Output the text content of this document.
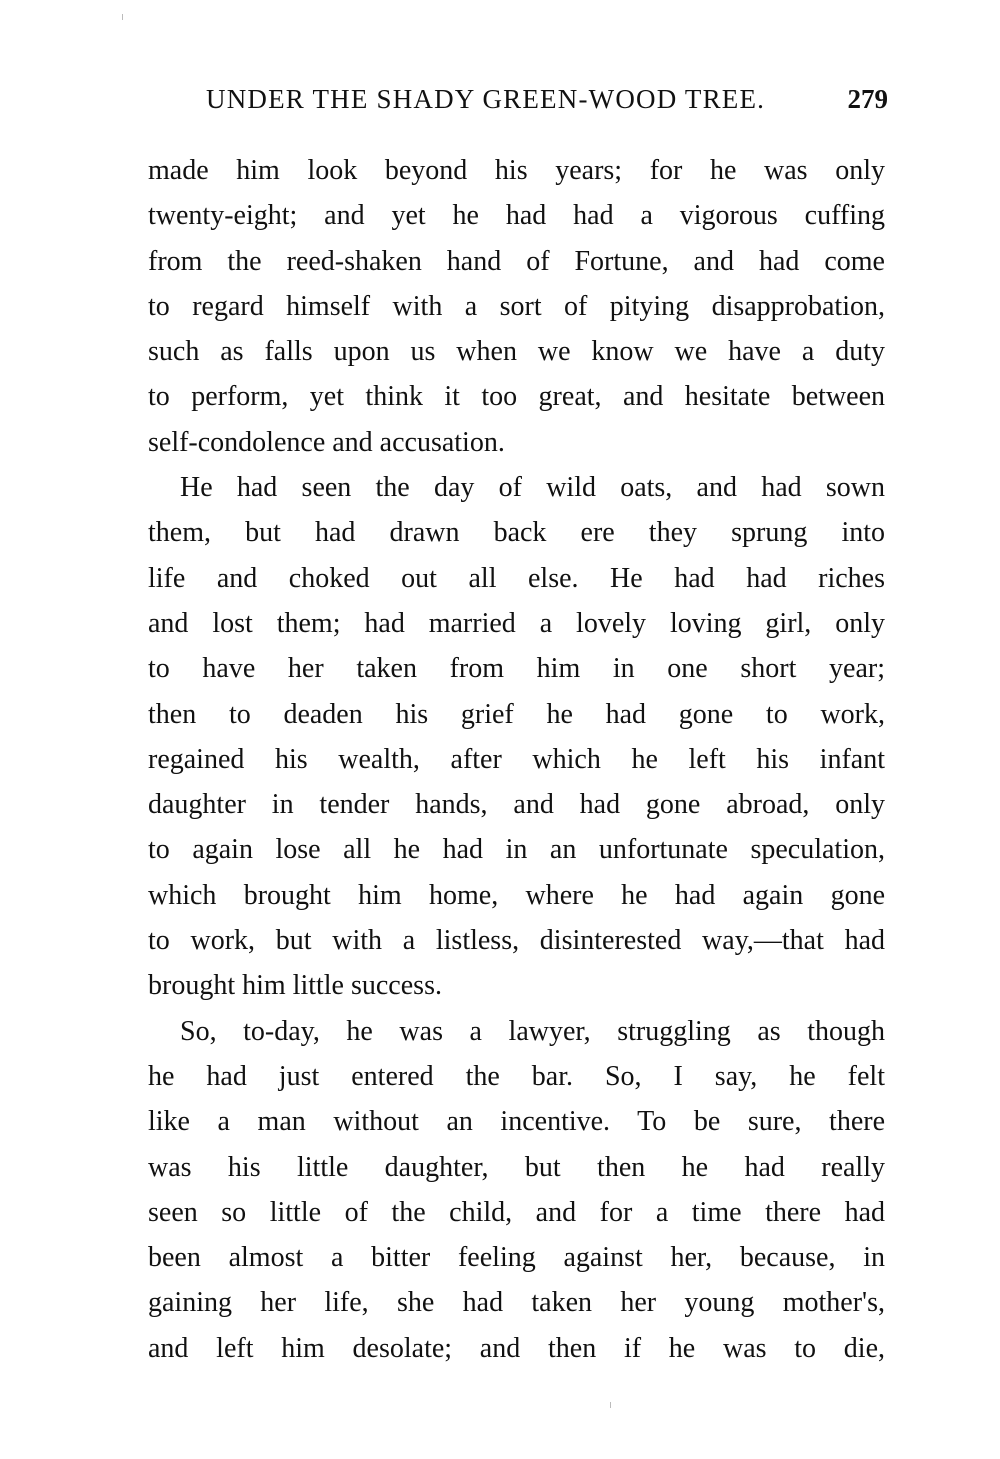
UNDER THE SHADY GREEN-WOOD TREE.	279
made him look beyond his years; for he was only
twenty-eight; and yet he had had a vigorous cuffing
from the reed-shaken hand of Fortune, and had come
to regard himself with a sort of pitying disapprobation,
such as falls upon us when we know we have a duty
to perform, yet think it too great, and hesitate between
self-condolence and accusation.
He had seen the day of wild oats, and had sown
them, but had drawn back ere they sprung into
life and choked out all else. He had had riches
and lost them; had married a lovely loving girl, only
to have her taken from him in one short year;
then to deaden his grief he had gone to work,
regained his wealth, after which he left his infant
daughter in tender hands, and had gone abroad, only
to again lose all he had in an unfortunate speculation,
which brought him home, where he had again gone
to work, but with a listless, disinterested way,—that had
brought him little success.
So, to-day, he was a lawyer, struggling as though
he had just entered the bar. So, I say, he felt
like a man without an incentive. To be sure, there
was his little daughter, but then he had really
seen so little of the child, and for a time there had
been almost a bitter feeling against her, because, in
gaining her life, she had taken her young mother's,
and left him desolate; and then if he was to die,
